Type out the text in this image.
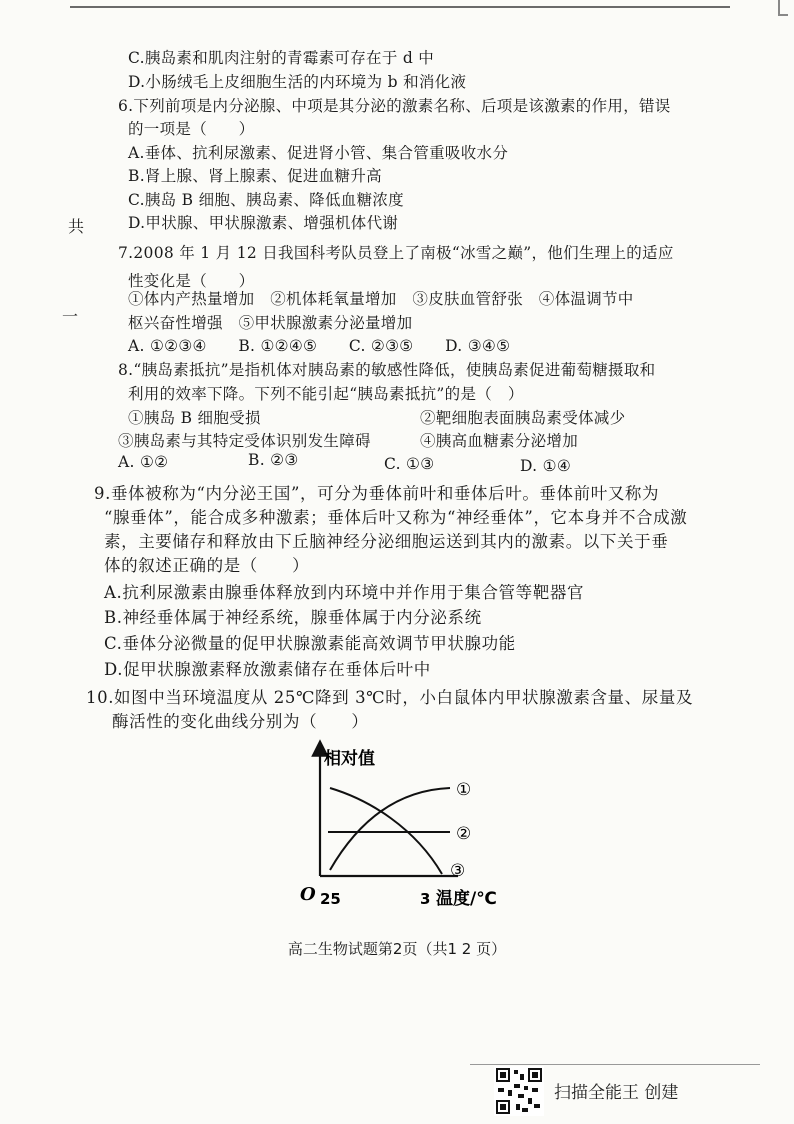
共
一
C.胰岛素和肌肉注射的青霉素可存在于 d 中
D.小肠绒毛上皮细胞生活的内环境为 b 和消化液
6.下列前项是内分泌腺、中项是其分泌的激素名称、后项是该激素的作用，错误
的一项是（　　）
A.垂体、抗利尿激素、促进肾小管、集合管重吸收水分
B.肾上腺、肾上腺素、促进血糖升高
C.胰岛 B 细胞、胰岛素、降低血糖浓度
D.甲状腺、甲状腺激素、增强机体代谢
7.2008 年 1 月 12 日我国科考队员登上了南极“冰雪之巅”，他们生理上的适应
性变化是（　　）
①体内产热量增加　②机体耗氧量增加　③皮肤血管舒张　④体温调节中
枢兴奋性增强　⑤甲状腺激素分泌量增加
A. ①②③④　　B. ①②④⑤　　C. ②③⑤　　D. ③④⑤
8.“胰岛素抵抗”是指机体对胰岛素的敏感性降低，使胰岛素促进葡萄糖摄取和
利用的效率下降。下列不能引起“胰岛素抵抗”的是（　）
①胰岛 B 细胞受损	②靶细胞表面胰岛素受体减少
③胰岛素与其特定受体识别发生障碍	④胰高血糖素分泌增加
A. ①②	B. ②③	C. ①③	D. ①④
9.垂体被称为“内分泌王国”，可分为垂体前叶和垂体后叶。垂体前叶又称为
“腺垂体”，能合成多种激素；垂体后叶又称为“神经垂体”，它本身并不合成激
素，主要储存和释放由下丘脑神经分泌细胞运送到其内的激素。以下关于垂
体的叙述正确的是（　　）
A.抗利尿激素由腺垂体释放到内环境中并作用于集合管等靶器官
B.神经垂体属于神经系统，腺垂体属于内分泌系统
C.垂体分泌微量的促甲状腺激素能高效调节甲状腺功能
D.促甲状腺激素释放激素储存在垂体后叶中
10.如图中当环境温度从 25℃降到 3℃时，小白鼠体内甲状腺激素含量、尿量及
酶活性的变化曲线分别为（　　）
相对值
O 25	3 温度/℃
①
②
③
高二生物试题第2页（共1 2 页）
扫描全能王 创建
